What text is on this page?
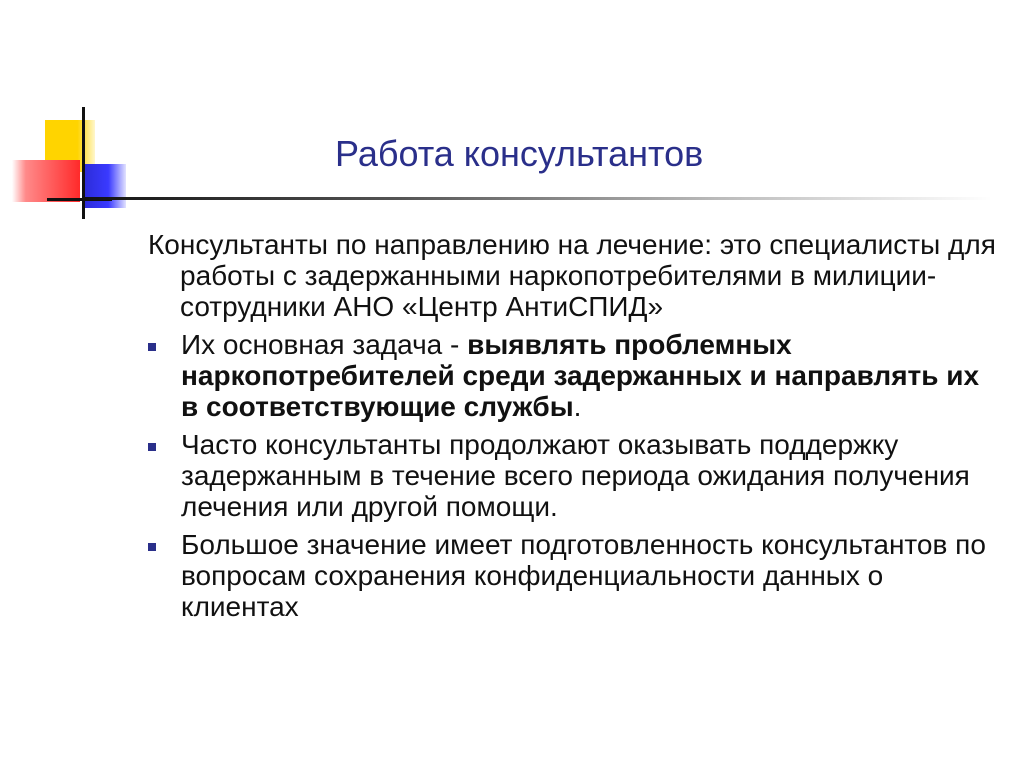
Работа консультантов
Консультанты по направлению на лечение: это специалисты для работы с задержанными наркопотребителями в милиции- сотрудники АНО «Центр АнтиСПИД»
Их основная задача - выявлять проблемных наркопотребителей среди задержанных и направлять их в соответствующие службы.
Часто консультанты продолжают оказывать поддержку задержанным в течение всего периода ожидания получения лечения или другой помощи.
Большое значение имеет подготовленность консультантов по вопросам сохранения конфиденциальности данных о клиентах
